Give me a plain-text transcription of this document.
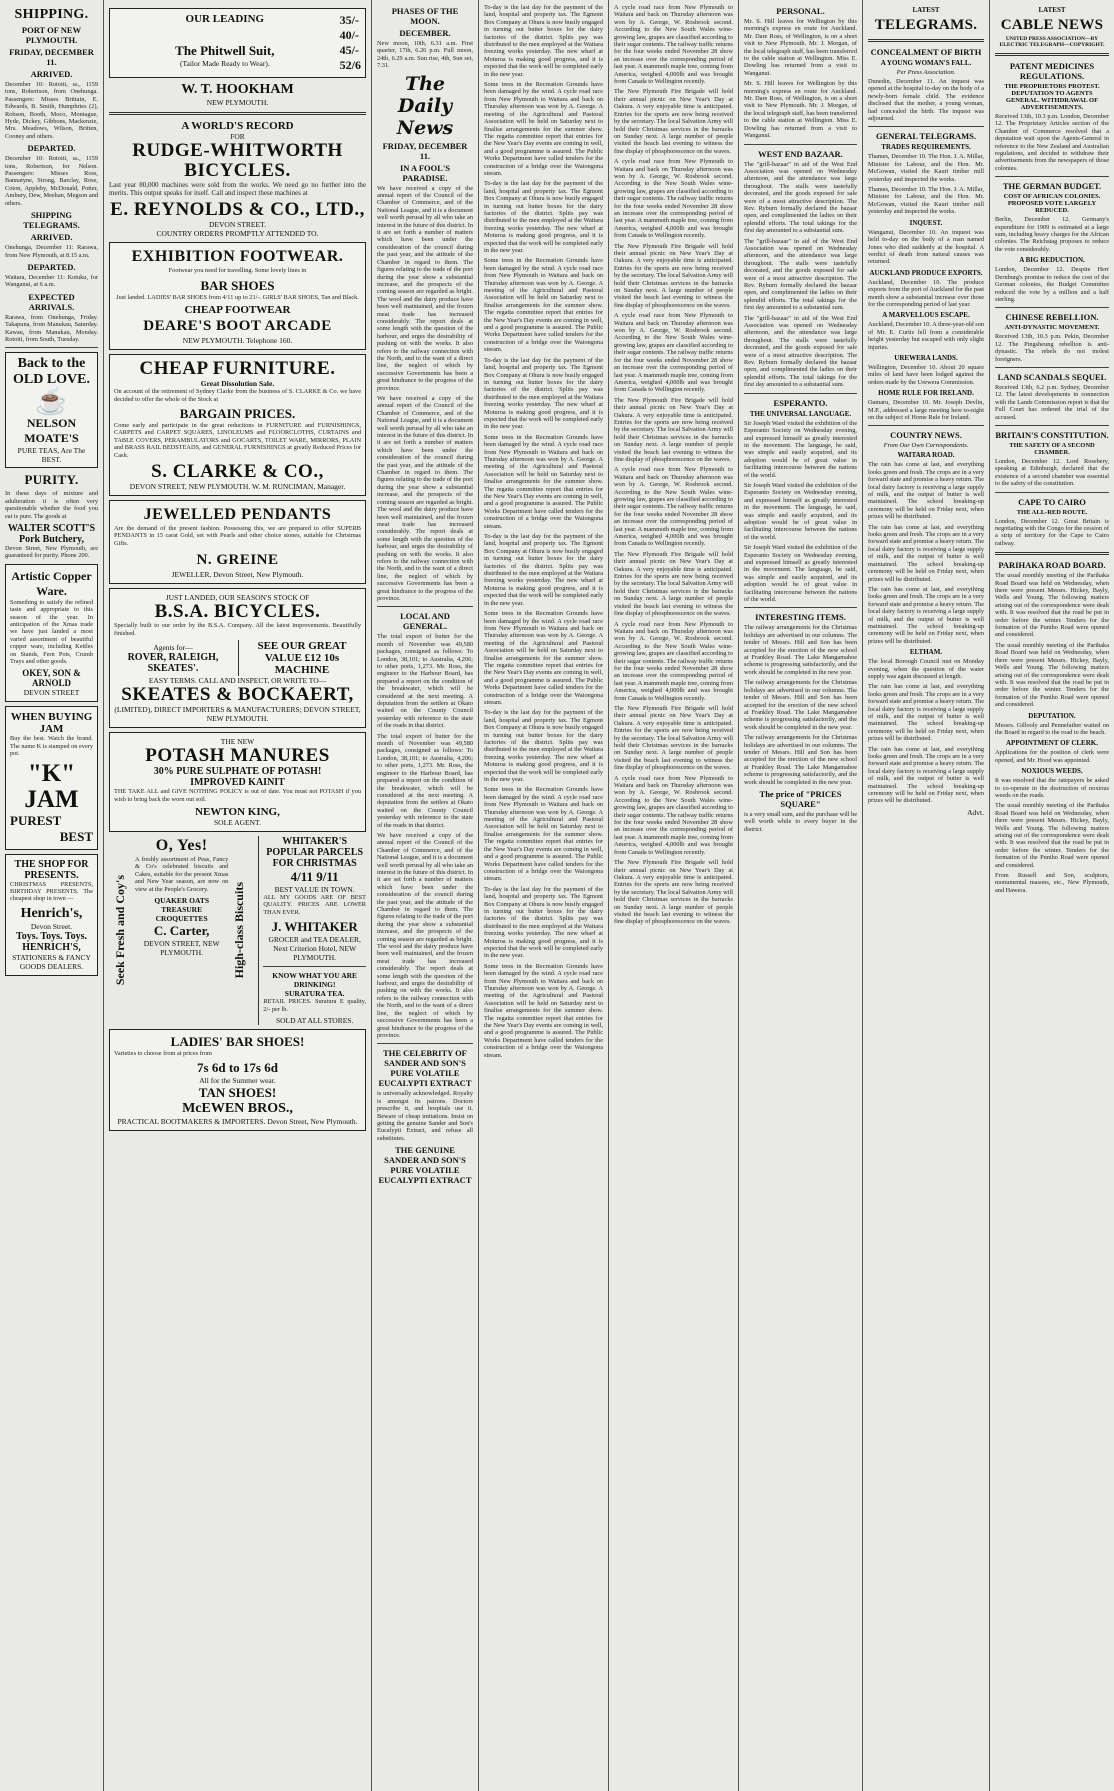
SHIPPING.
PORT OF NEW PLYMOUTH.
FRIDAY, DECEMBER 11.
ARRIVED.

December 10: Rotoiti, ss., 1159 tons, Robertson, from Onehunga. Passengers: Misses Brittain, E. Edwards, B. Smith, Humphries (2), Robson, Booth, Moco, Montague, Hyde, Dickey, Gibbons, Mackenzie, Mrs. Meadows, Wilson, Britten, Cooney and others.

DEPARTED.

December 10: Rotoiti, ss., 1159 tons, Robertson, for Nelson. Passengers: Misses Ross, Bannatyne, Strong, Barclay, Rose, Coton, Appleby, McDonald, Potter, Ambury, Dew, Meehan, Megson and others.

SHIPPING TELEGRAMS.
ARRIVED.

Onehunga, December 11: Rarawa, from New Plymouth, at 8.15 a.m.

DEPARTED.

Waitara, December 11: Kotuku, for Wanganui, at 6 a.m.

EXPECTED ARRIVALS.

Rarawa, from Onehunga, Friday. Takapuna, from Manukau, Saturday. Kawau, from Manukau, Monday. Rotoiti, from South, Tuesday.

Back to the OLD LOVE.
☕
NELSON MOATE'S
PURE TEAS, Are The BEST.
PURITY.

In these days of mixture and adulteration it is often very questionable whether the food you eat is pure. The goods at

WALTER SCOTT'S
Pork Butchery,

Devon Street, New Plymouth, are guaranteed for purity. Phone 200.

Artistic Copper Ware.

Something to satisfy the refined taste and appropriate to this season of the year. In anticipation of the Xmas trade we have just landed a most varied assortment of beautiful copper ware, including Kettles on Stands, Fern Pots, Crumb Trays and other goods.

OKEY, SON & ARNOLD
DEVON STREET
WHEN BUYING JAM

Buy the best. Watch the brand. The name K is stamped on every pot.

"K" JAM
PUREST
BEST
THE SHOP FOR PRESENTS.

CHRISTMAS PRESENTS, BIRTHDAY PRESENTS. The cheapest shop in town —

Henrich's,
Devon Street.
Toys. Toys. Toys.
HENRICH'S,
STATIONERS & FANCY GOODS DEALERS.
OUR LEADING
The Phitwell Suit,
(Tailor Made Ready to Wear).
35/-
40/-
45/-
52/6
W. T. HOOKHAM
NEW PLYMOUTH.
A WORLD'S RECORD
FOR
RUDGE-WHITWORTH BICYCLES.

Last year 80,000 machines were sold from the works. We need go no further into the merits. This output speaks for itself. Call and inspect these machines at

E. REYNOLDS & CO., LTD.,
DEVON STREET.
COUNTRY ORDERS PROMPTLY ATTENDED TO.
EXHIBITION FOOTWEAR.

Footwear you need for travelling. Some lovely lines in

BAR SHOES

Just landed. LADIES' BAR SHOES from 4/11 up to 21/-. GIRLS' BAR SHOES, Tan and Black.

CHEAP FOOTWEAR
DEARE'S BOOT ARCADE
NEW PLYMOUTH. Telephone 160.
CHEAP FURNITURE.
Great Dissolution Sale.

On account of the retirement of Sydney Clarke from the business of S. CLARKE & Co. we have decided to offer the whole of the Stock at

BARGAIN PRICES.

Come early and participate in the great reductions in FURNITURE and FURNISHINGS, CARPETS and CARPET SQUARES, LINOLEUMS and FLOORCLOTHS, CURTAINS and TABLE COVERS, PERAMBULATORS and GOCARTS, TOILET WARE, MIRRORS, PLAIN and BRASS RAIL BEDSTEADS, and GENERAL FURNISHINGS at greatly Reduced Prices for Cash.

S. CLARKE & CO.,
DEVON STREET, NEW PLYMOUTH. W. M. RUNCIMAN, Manager.
JEWELLED PENDANTS

Are the demand of the present fashion. Possessing this, we are prepared to offer SUPERB PENDANTS in 15 carat Gold, set with Pearls and other choice stones, suitable for Christmas Gifts.

N. GREINE
JEWELLER, Devon Street, New Plymouth.
JUST LANDED, OUR SEASON'S STOCK OF
B.S.A. BICYCLES.

Specially built to our order by the B.S.A. Company. All the latest improvements. Beautifully finished.

Agents for—
ROVER, RALEIGH, SKEATES'.
SEE OUR GREAT VALUE £12 10s MACHINE
EASY TERMS. CALL AND INSPECT, OR WRITE TO—
SKEATES & BOCKAERT,
(LIMITED), DIRECT IMPORTERS & MANUFACTURERS; DEVON STREET, NEW PLYMOUTH.
THE NEW
POTASH MANURES
30% PURE SULPHATE OF POTASH!
IMPROVED KAINIT

THE TAKE ALL and GIVE NOTHING POLICY is out of date. You must not POTASH if you wish to bring back the worn out soil.

NEWTON KING,
SOLE AGENT.
Seek Fresh and Coy's
O, Yes!

A freshly assortment of Peas, Fancy & Co's celebrated biscuits and Cakes, suitable for the present Xmas and New Year season, are now on view at the People's Grocery.

QUAKER OATS
TREASURE
CROQUETTES
C. Carter,
DEVON STREET, NEW PLYMOUTH.	High-class Biscuits
WHITAKER'S POPULAR PARCELS FOR CHRISTMAS
4/11 9/11
BEST VALUE IN TOWN.

ALL MY GOODS ARE OF BEST QUALITY. PRICES ARE LOWER THAN EVER.

J. WHITAKER
GROCER and TEA DEALER, Next Criterion Hotel, NEW PLYMOUTH.
KNOW WHAT YOU ARE DRINKING!
SURATURA TEA.

RETAIL PRICES. Suratura E quality, 2/- per lb.

SOLD AT ALL STORES.
LADIES' BAR SHOES!

Varieties to choose from at prices from

7s 6d to 17s 6d
All for the Summer wear.
TAN SHOES!
McEWEN BROS.,
PRACTICAL BOOTMAKERS & IMPORTERS. Devon Street, New Plymouth.
PHASES OF THE MOON.
DECEMBER.

New moon, 10th, 6.31 a.m. First quarter, 17th, 6.26 p.m. Full moon, 24th, 6.29 a.m. Sun rise, 4th, Sun set, 7.31.

The Daily News
FRIDAY, DECEMBER 11.
IN A FOOL'S PARADISE.

We have received a copy of the annual report of the Council of the Chamber of Commerce, and of the National League, and it is a document well worth perusal by all who take an interest in the future of this district. In it are set forth a number of matters which have been under the consideration of the council during the past year, and the attitude of the Chamber in regard to them. The figures relating to the trade of the port during the year show a substantial increase, and the prospects of the coming season are regarded as bright. The wool and the dairy produce have been well maintained, and the frozen meat trade has increased considerably. The report deals at some length with the question of the harbour, and urges the desirability of pushing on with the works. It also refers to the railway connection with the North, and to the want of a direct line, the neglect of which by successive Governments has been a great hindrance to the progress of the province.

We have received a copy of the annual report of the Council of the Chamber of Commerce, and of the National League, and it is a document well worth perusal by all who take an interest in the future of this district. In it are set forth a number of matters which have been under the consideration of the council during the past year, and the attitude of the Chamber in regard to them. The figures relating to the trade of the port during the year show a substantial increase, and the prospects of the coming season are regarded as bright. The wool and the dairy produce have been well maintained, and the frozen meat trade has increased considerably. The report deals at some length with the question of the harbour, and urges the desirability of pushing on with the works. It also refers to the railway connection with the North, and to the want of a direct line, the neglect of which by successive Governments has been a great hindrance to the progress of the province.

LOCAL AND GENERAL.

The total export of butter for the month of November was 49,580 packages, consigned as follows: To London, 38,101; to Australia, 4,206; to other ports, 1,273. Mr. Ross, the engineer to the Harbour Board, has prepared a report on the condition of the breakwater, which will be considered at the next meeting. A deputation from the settlers at Okato waited on the County Council yesterday with reference to the state of the roads in that district.

The total export of butter for the month of November was 49,580 packages, consigned as follows: To London, 38,101; to Australia, 4,206; to other ports, 1,273. Mr. Ross, the engineer to the Harbour Board, has prepared a report on the condition of the breakwater, which will be considered at the next meeting. A deputation from the settlers at Okato waited on the County Council yesterday with reference to the state of the roads in that district.

We have received a copy of the annual report of the Council of the Chamber of Commerce, and of the National League, and it is a document well worth perusal by all who take an interest in the future of this district. In it are set forth a number of matters which have been under the consideration of the council during the past year, and the attitude of the Chamber in regard to them. The figures relating to the trade of the port during the year show a substantial increase, and the prospects of the coming season are regarded as bright. The wool and the dairy produce have been well maintained, and the frozen meat trade has increased considerably. The report deals at some length with the question of the harbour, and urges the desirability of pushing on with the works. It also refers to the railway connection with the North, and to the want of a direct line, the neglect of which by successive Governments has been a great hindrance to the progress of the province.

THE CELEBRITY OF SANDER AND SON'S PURE VOLATILE EUCALYPTI EXTRACT

is universally acknowledged. Royalty is amongst its patrons. Doctors prescribe it, and hospitals use it. Beware of cheap imitations. Insist on getting the genuine Sander and Son's Eucalypti Extract, and refuse all substitutes.

THE GENUINE SANDER AND SON'S PURE VOLATILE EUCALYPTI EXTRACT

To-day is the last day for the payment of the land, hospital and property tax. The Egmont Box Company at Ohura is now busily engaged in turning out butter boxes for the dairy factories of the district. Splits pay was distributed to the men employed at the Waitara freezing works yesterday. The new wharf at Moturoa is making good progress, and it is expected that the work will be completed early in the new year.

Some trees in the Recreation Grounds have been damaged by the wind. A cycle road race from New Plymouth to Waitara and back on Thursday afternoon was won by A. George. A meeting of the Agricultural and Pastoral Association will be held on Saturday next to finalise arrangements for the summer show. The regatta committee report that entries for the New Year's Day events are coming in well, and a good programme is assured. The Public Works Department have called tenders for the construction of a bridge over the Waiongona stream.

To-day is the last day for the payment of the land, hospital and property tax. The Egmont Box Company at Ohura is now busily engaged in turning out butter boxes for the dairy factories of the district. Splits pay was distributed to the men employed at the Waitara freezing works yesterday. The new wharf at Moturoa is making good progress, and it is expected that the work will be completed early in the new year.

Some trees in the Recreation Grounds have been damaged by the wind. A cycle road race from New Plymouth to Waitara and back on Thursday afternoon was won by A. George. A meeting of the Agricultural and Pastoral Association will be held on Saturday next to finalise arrangements for the summer show. The regatta committee report that entries for the New Year's Day events are coming in well, and a good programme is assured. The Public Works Department have called tenders for the construction of a bridge over the Waiongona stream.

To-day is the last day for the payment of the land, hospital and property tax. The Egmont Box Company at Ohura is now busily engaged in turning out butter boxes for the dairy factories of the district. Splits pay was distributed to the men employed at the Waitara freezing works yesterday. The new wharf at Moturoa is making good progress, and it is expected that the work will be completed early in the new year.

Some trees in the Recreation Grounds have been damaged by the wind. A cycle road race from New Plymouth to Waitara and back on Thursday afternoon was won by A. George. A meeting of the Agricultural and Pastoral Association will be held on Saturday next to finalise arrangements for the summer show. The regatta committee report that entries for the New Year's Day events are coming in well, and a good programme is assured. The Public Works Department have called tenders for the construction of a bridge over the Waiongona stream.

To-day is the last day for the payment of the land, hospital and property tax. The Egmont Box Company at Ohura is now busily engaged in turning out butter boxes for the dairy factories of the district. Splits pay was distributed to the men employed at the Waitara freezing works yesterday. The new wharf at Moturoa is making good progress, and it is expected that the work will be completed early in the new year.

Some trees in the Recreation Grounds have been damaged by the wind. A cycle road race from New Plymouth to Waitara and back on Thursday afternoon was won by A. George. A meeting of the Agricultural and Pastoral Association will be held on Saturday next to finalise arrangements for the summer show. The regatta committee report that entries for the New Year's Day events are coming in well, and a good programme is assured. The Public Works Department have called tenders for the construction of a bridge over the Waiongona stream.

To-day is the last day for the payment of the land, hospital and property tax. The Egmont Box Company at Ohura is now busily engaged in turning out butter boxes for the dairy factories of the district. Splits pay was distributed to the men employed at the Waitara freezing works yesterday. The new wharf at Moturoa is making good progress, and it is expected that the work will be completed early in the new year.

Some trees in the Recreation Grounds have been damaged by the wind. A cycle road race from New Plymouth to Waitara and back on Thursday afternoon was won by A. George. A meeting of the Agricultural and Pastoral Association will be held on Saturday next to finalise arrangements for the summer show. The regatta committee report that entries for the New Year's Day events are coming in well, and a good programme is assured. The Public Works Department have called tenders for the construction of a bridge over the Waiongona stream.

To-day is the last day for the payment of the land, hospital and property tax. The Egmont Box Company at Ohura is now busily engaged in turning out butter boxes for the dairy factories of the district. Splits pay was distributed to the men employed at the Waitara freezing works yesterday. The new wharf at Moturoa is making good progress, and it is expected that the work will be completed early in the new year.

Some trees in the Recreation Grounds have been damaged by the wind. A cycle road race from New Plymouth to Waitara and back on Thursday afternoon was won by A. George. A meeting of the Agricultural and Pastoral Association will be held on Saturday next to finalise arrangements for the summer show. The regatta committee report that entries for the New Year's Day events are coming in well, and a good programme is assured. The Public Works Department have called tenders for the construction of a bridge over the Waiongona stream.

A cycle road race from New Plymouth to Waitara and back on Thursday afternoon was won by A. George, W. Rosbrook second. According to the New South Wales wine-growing law, grapes are classified according to their sugar contents. The railway traffic returns for the four weeks ended November 28 show an increase over the corresponding period of last year. A mammoth maple tree, coming from America, weighed 4,000lb and was brought from Canada to Wellington recently.

The New Plymouth Fire Brigade will hold their annual picnic on New Year's Day at Oakura. A very enjoyable time is anticipated. Entries for the sports are now being received by the secretary. The local Salvation Army will hold their Christmas services in the barracks on Sunday next. A large number of people visited the beach last evening to witness the fine display of phosphorescence on the waves.

A cycle road race from New Plymouth to Waitara and back on Thursday afternoon was won by A. George, W. Rosbrook second. According to the New South Wales wine-growing law, grapes are classified according to their sugar contents. The railway traffic returns for the four weeks ended November 28 show an increase over the corresponding period of last year. A mammoth maple tree, coming from America, weighed 4,000lb and was brought from Canada to Wellington recently.

The New Plymouth Fire Brigade will hold their annual picnic on New Year's Day at Oakura. A very enjoyable time is anticipated. Entries for the sports are now being received by the secretary. The local Salvation Army will hold their Christmas services in the barracks on Sunday next. A large number of people visited the beach last evening to witness the fine display of phosphorescence on the waves.

A cycle road race from New Plymouth to Waitara and back on Thursday afternoon was won by A. George, W. Rosbrook second. According to the New South Wales wine-growing law, grapes are classified according to their sugar contents. The railway traffic returns for the four weeks ended November 28 show an increase over the corresponding period of last year. A mammoth maple tree, coming from America, weighed 4,000lb and was brought from Canada to Wellington recently.

The New Plymouth Fire Brigade will hold their annual picnic on New Year's Day at Oakura. A very enjoyable time is anticipated. Entries for the sports are now being received by the secretary. The local Salvation Army will hold their Christmas services in the barracks on Sunday next. A large number of people visited the beach last evening to witness the fine display of phosphorescence on the waves.

A cycle road race from New Plymouth to Waitara and back on Thursday afternoon was won by A. George, W. Rosbrook second. According to the New South Wales wine-growing law, grapes are classified according to their sugar contents. The railway traffic returns for the four weeks ended November 28 show an increase over the corresponding period of last year. A mammoth maple tree, coming from America, weighed 4,000lb and was brought from Canada to Wellington recently.

The New Plymouth Fire Brigade will hold their annual picnic on New Year's Day at Oakura. A very enjoyable time is anticipated. Entries for the sports are now being received by the secretary. The local Salvation Army will hold their Christmas services in the barracks on Sunday next. A large number of people visited the beach last evening to witness the fine display of phosphorescence on the waves.

A cycle road race from New Plymouth to Waitara and back on Thursday afternoon was won by A. George, W. Rosbrook second. According to the New South Wales wine-growing law, grapes are classified according to their sugar contents. The railway traffic returns for the four weeks ended November 28 show an increase over the corresponding period of last year. A mammoth maple tree, coming from America, weighed 4,000lb and was brought from Canada to Wellington recently.

The New Plymouth Fire Brigade will hold their annual picnic on New Year's Day at Oakura. A very enjoyable time is anticipated. Entries for the sports are now being received by the secretary. The local Salvation Army will hold their Christmas services in the barracks on Sunday next. A large number of people visited the beach last evening to witness the fine display of phosphorescence on the waves.

A cycle road race from New Plymouth to Waitara and back on Thursday afternoon was won by A. George, W. Rosbrook second. According to the New South Wales wine-growing law, grapes are classified according to their sugar contents. The railway traffic returns for the four weeks ended November 28 show an increase over the corresponding period of last year. A mammoth maple tree, coming from America, weighed 4,000lb and was brought from Canada to Wellington recently.

The New Plymouth Fire Brigade will hold their annual picnic on New Year's Day at Oakura. A very enjoyable time is anticipated. Entries for the sports are now being received by the secretary. The local Salvation Army will hold their Christmas services in the barracks on Sunday next. A large number of people visited the beach last evening to witness the fine display of phosphorescence on the waves.

PERSONAL.

Mr. S. Hill leaves for Wellington by this morning's express en route for Auckland. Mr. Dare Ross, of Wellington, is on a short visit to New Plymouth. Mr. J. Morgan, of the local telegraph staff, has been transferred to the cable station at Wellington. Miss E. Dowling has returned from a visit to Wanganui.

Mr. S. Hill leaves for Wellington by this morning's express en route for Auckland. Mr. Dare Ross, of Wellington, is on a short visit to New Plymouth. Mr. J. Morgan, of the local telegraph staff, has been transferred to the cable station at Wellington. Miss E. Dowling has returned from a visit to Wanganui.

WEST END BAZAAR.

The "grill-bazaar" in aid of the West End Association was opened on Wednesday afternoon, and the attendance was large throughout. The stalls were tastefully decorated, and the goods exposed for sale were of a most attractive description. The Rev. Ryburn formally declared the bazaar open, and complimented the ladies on their splendid efforts. The total takings for the first day amounted to a substantial sum.

The "grill-bazaar" in aid of the West End Association was opened on Wednesday afternoon, and the attendance was large throughout. The stalls were tastefully decorated, and the goods exposed for sale were of a most attractive description. The Rev. Ryburn formally declared the bazaar open, and complimented the ladies on their splendid efforts. The total takings for the first day amounted to a substantial sum.

The "grill-bazaar" in aid of the West End Association was opened on Wednesday afternoon, and the attendance was large throughout. The stalls were tastefully decorated, and the goods exposed for sale were of a most attractive description. The Rev. Ryburn formally declared the bazaar open, and complimented the ladies on their splendid efforts. The total takings for the first day amounted to a substantial sum.

ESPERANTO.
THE UNIVERSAL LANGUAGE.

Sir Joseph Ward visited the exhibition of the Esperanto Society on Wednesday evening, and expressed himself as greatly interested in the movement. The language, he said, was simple and easily acquired, and its adoption would be of great value in facilitating intercourse between the nations of the world.

Sir Joseph Ward visited the exhibition of the Esperanto Society on Wednesday evening, and expressed himself as greatly interested in the movement. The language, he said, was simple and easily acquired, and its adoption would be of great value in facilitating intercourse between the nations of the world.

Sir Joseph Ward visited the exhibition of the Esperanto Society on Wednesday evening, and expressed himself as greatly interested in the movement. The language, he said, was simple and easily acquired, and its adoption would be of great value in facilitating intercourse between the nations of the world.

INTERESTING ITEMS.

The railway arrangements for the Christmas holidays are advertised in our columns. The tender of Messrs. Hill and Son has been accepted for the erection of the new school at Frankley Road. The Lake Mangamahoe scheme is progressing satisfactorily, and the work should be completed in the new year.

The railway arrangements for the Christmas holidays are advertised in our columns. The tender of Messrs. Hill and Son has been accepted for the erection of the new school at Frankley Road. The Lake Mangamahoe scheme is progressing satisfactorily, and the work should be completed in the new year.

The railway arrangements for the Christmas holidays are advertised in our columns. The tender of Messrs. Hill and Son has been accepted for the erection of the new school at Frankley Road. The Lake Mangamahoe scheme is progressing satisfactorily, and the work should be completed in the new year.

The price of "PRICES SQUARE"

is a very small sum, and the purchase will be well worth while to every buyer in the district.

LATEST
TELEGRAMS.
CONCEALMENT OF BIRTH
A YOUNG WOMAN'S FALL.
Per Press Association.

Dunedin, December 11. An inquest was opened at the hospital to-day on the body of a newly-born female child. The evidence disclosed that the mother, a young woman, had concealed the birth. The inquest was adjourned.

GENERAL TELEGRAMS.
TRADES REQUIREMENTS.

Thames, December 10. The Hon. J. A. Millar, Minister for Labour, and the Hon. Mr. McGowan, visited the Kauri timber mill yesterday and inspected the works.

Thames, December 10. The Hon. J. A. Millar, Minister for Labour, and the Hon. Mr. McGowan, visited the Kauri timber mill yesterday and inspected the works.

INQUEST.

Wanganui, December 10. An inquest was held to-day on the body of a man named Jones who died suddenly at the hospital. A verdict of death from natural causes was returned.

AUCKLAND PRODUCE EXPORTS.

Auckland, December 10. The produce exports from the port of Auckland for the past month show a substantial increase over those for the corresponding period of last year.

A MARVELLOUS ESCAPE.

Auckland, December 10. A three-year-old son of Mr. E. Curtis fell from a considerable height yesterday but escaped with only slight injuries.

UREWERA LANDS.

Wellington, December 10. About 20 square miles of land have been lodged against the orders made by the Urewera Commission.

HOME RULE FOR IRELAND.

Oamaru, December 10. Mr. Joseph Devlin, M.P., addressed a large meeting here to-night on the subject of Home Rule for Ireland.

COUNTRY NEWS.
From Our Own Correspondents.
WAITARA ROAD.

The rain has come at last, and everything looks green and fresh. The crops are in a very forward state and promise a heavy return. The local dairy factory is receiving a large supply of milk, and the output of butter is well maintained. The school breaking-up ceremony will be held on Friday next, when prizes will be distributed.

The rain has come at last, and everything looks green and fresh. The crops are in a very forward state and promise a heavy return. The local dairy factory is receiving a large supply of milk, and the output of butter is well maintained. The school breaking-up ceremony will be held on Friday next, when prizes will be distributed.

The rain has come at last, and everything looks green and fresh. The crops are in a very forward state and promise a heavy return. The local dairy factory is receiving a large supply of milk, and the output of butter is well maintained. The school breaking-up ceremony will be held on Friday next, when prizes will be distributed.

ELTHAM.

The local Borough Council met on Monday evening, when the question of the water supply was again discussed at length.

The rain has come at last, and everything looks green and fresh. The crops are in a very forward state and promise a heavy return. The local dairy factory is receiving a large supply of milk, and the output of butter is well maintained. The school breaking-up ceremony will be held on Friday next, when prizes will be distributed.

The rain has come at last, and everything looks green and fresh. The crops are in a very forward state and promise a heavy return. The local dairy factory is receiving a large supply of milk, and the output of butter is well maintained. The school breaking-up ceremony will be held on Friday next, when prizes will be distributed.

Advt.
LATEST
CABLE NEWS
UNITED PRESS ASSOCIATION—BY ELECTRIC TELEGRAPH—COPYRIGHT.
PATENT MEDICINES REGULATIONS.
THE PROPRIETORS PROTEST. DEPUTATION TO AGENTS GENERAL. WITHDRAWAL OF ADVERTISEMENTS.

Received 13th, 10.3 p.m. London, December 12. The Proprietary Articles section of the Chamber of Commerce resolved that a deputation wait upon the Agents-General in reference to the New Zealand and Australian regulations, and decided to withdraw their advertisements from the newspapers of those colonies.

THE GERMAN BUDGET.
COST OF AFRICAN COLONIES. PROPOSED VOTE LARGELY REDUCED.

Berlin, December 12. Germany's expenditure for 1909 is estimated at a large sum, including heavy charges for the African colonies. The Reichstag proposes to reduce the vote considerably.

A BIG REDUCTION.

London, December 12. Despite Herr Dernburg's promise to reduce the cost of the German colonies, the Budget Committee reduced the vote by a million and a half sterling.

CHINESE REBELLION.
ANTI-DYNASTIC MOVEMENT.

Received 13th, 10.3 p.m. Pekin, December 12. The Pingsheung rebellion is anti-dynastic. The rebels do not molest foreigners.

LAND SCANDALS SEQUEL

Received 13th, 6.2 p.m. Sydney, December 12. The latest developments in connection with the Lands Commission report is that the Full Court has ordered the trial of the accused.

BRITAIN'S CONSTITUTION.
THE SAFETY OF A SECOND CHAMBER.

London, December 12. Lord Rosebery, speaking at Edinburgh, declared that the existence of a second chamber was essential to the safety of the constitution.

CAPE TO CAIRO
THE ALL-RED ROUTE.

London, December 12. Great Britain is negotiating with the Congo for the cession of a strip of territory for the Cape to Cairo railway.

PARIHAKA ROAD BOARD.

The usual monthly meeting of the Parihaka Road Board was held on Wednesday, when there were present Messrs. Hickey, Bayly, Wells and Young. The following matters arising out of the correspondence were dealt with. It was resolved that the road be put in order before the winter. Tenders for the formation of the Puniho Road were opened and considered.

The usual monthly meeting of the Parihaka Road Board was held on Wednesday, when there were present Messrs. Hickey, Bayly, Wells and Young. The following matters arising out of the correspondence were dealt with. It was resolved that the road be put in order before the winter. Tenders for the formation of the Puniho Road were opened and considered.

DEPUTATION.

Messrs. Gillooly and Pennefather waited on the Board in regard to the road to the beach.

APPOINTMENT OF CLERK.

Applications for the position of clerk were opened, and Mr. Hood was appointed.

NOXIOUS WEEDS.

It was resolved that the ratepayers be asked to co-operate in the destruction of noxious weeds on the roads.

The usual monthly meeting of the Parihaka Road Board was held on Wednesday, when there were present Messrs. Hickey, Bayly, Wells and Young. The following matters arising out of the correspondence were dealt with. It was resolved that the road be put in order before the winter. Tenders for the formation of the Puniho Road were opened and considered.

From Russell and Son, sculptors, monumental masons, etc., New Plymouth, and Hawera.
